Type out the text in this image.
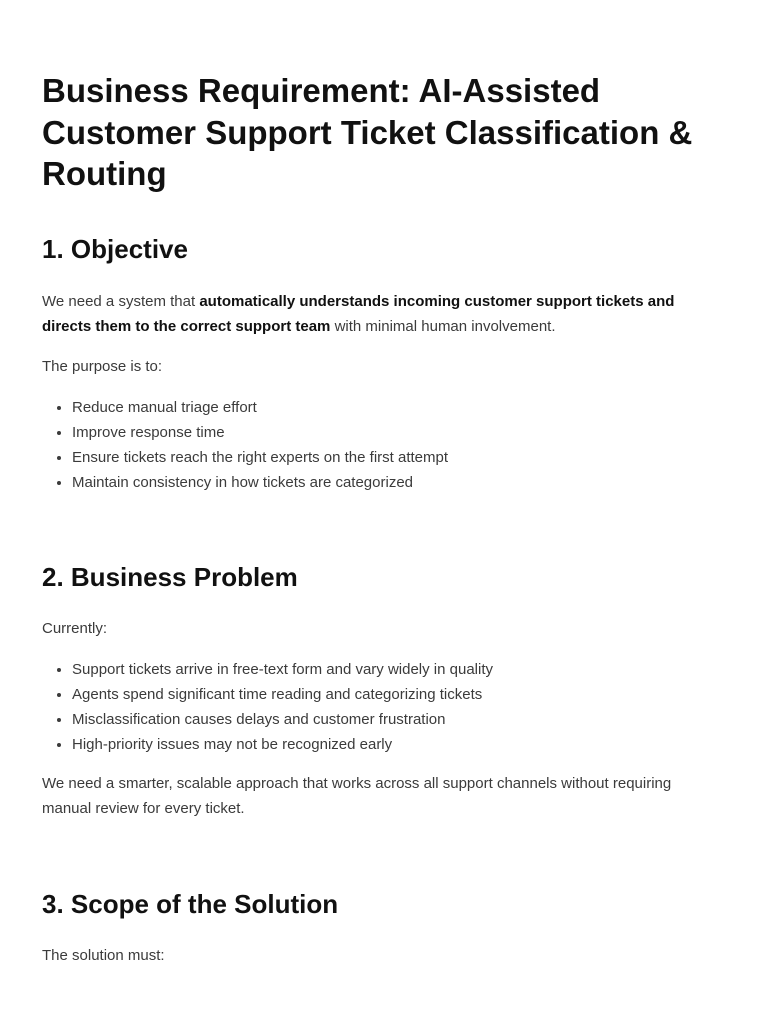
Business Requirement: AI-Assisted Customer Support Ticket Classification & Routing
1. Objective

We need a system that automatically understands incoming customer support tickets and directs them to the correct support team with minimal human involvement.

The purpose is to:

• Reduce manual triage effort
• Improve response time
• Ensure tickets reach the right experts on the first attempt
• Maintain consistency in how tickets are categorized
2. Business Problem

Currently:

• Support tickets arrive in free-text form and vary widely in quality
• Agents spend significant time reading and categorizing tickets
• Misclassification causes delays and customer frustration
• High-priority issues may not be recognized early

We need a smarter, scalable approach that works across all support channels without requiring manual review for every ticket.

3. Scope of the Solution

The solution must:
